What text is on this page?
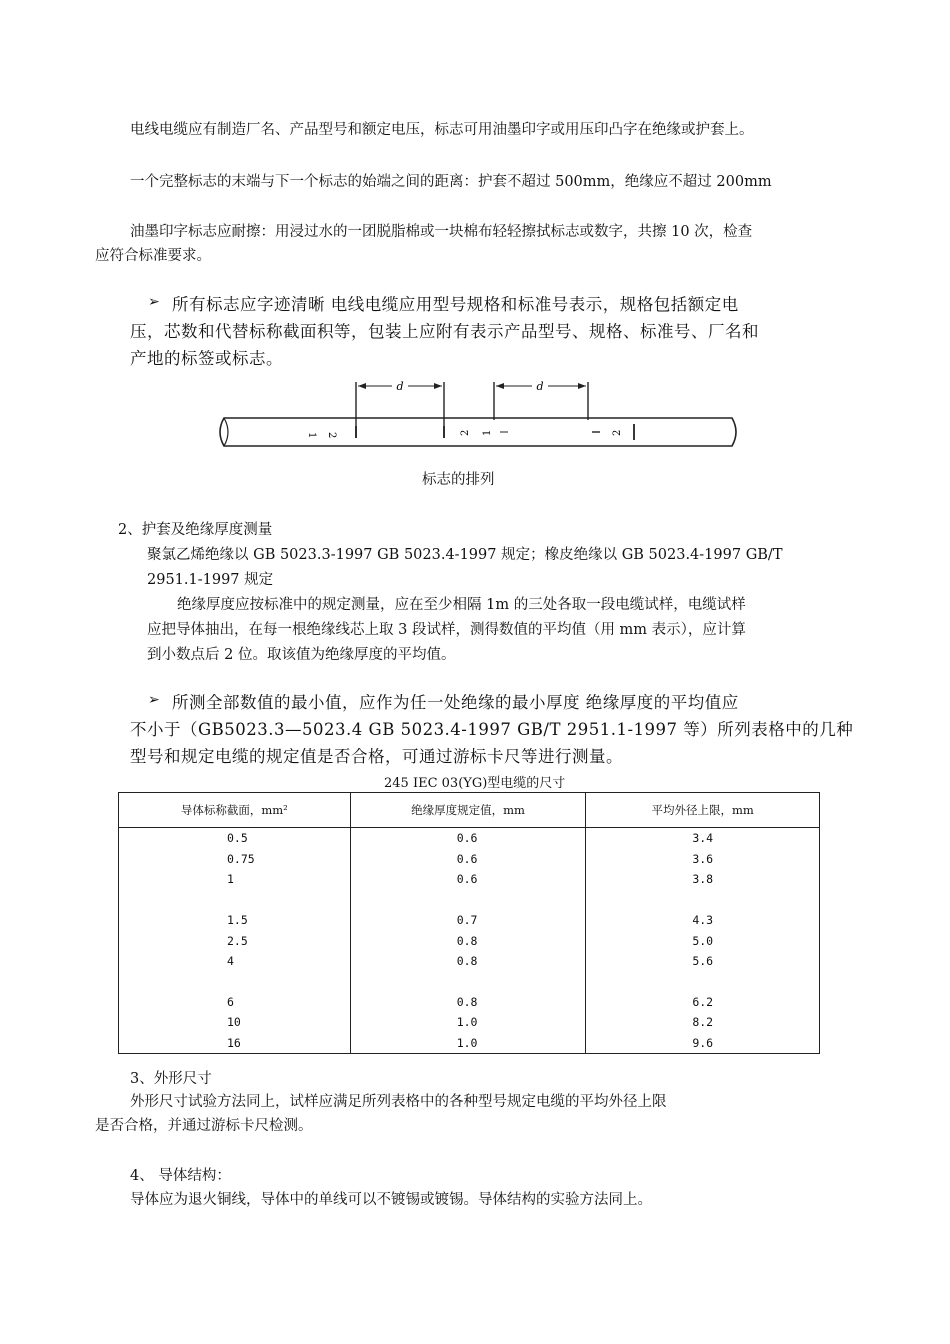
电线电缆应有制造厂名、产品型号和额定电压，标志可用油墨印字或用压印凸字在绝缘或护套上。
一个完整标志的末端与下一个标志的始端之间的距离：护套不超过 500mm，绝缘应不超过 200mm
油墨印字标志应耐擦：用浸过水的一团脱脂棉或一块棉布轻轻擦拭标志或数字，共擦 10 次，检查
应符合标准要求。
➢ 所有标志应字迹清晰 电线电缆应用型号规格和标准号表示，规格包括额定电
压，芯数和代替标称截面积等，包装上应附有表示产品型号、规格、标准号、厂名和
产地的标签或标志。
d	d
1 2	2 1	2
标志的排列
2、护套及绝缘厚度测量
聚氯乙烯绝缘以 GB 5023.3-1997 GB 5023.4-1997 规定；橡皮绝缘以 GB 5023.4-1997 GB/T
2951.1-1997 规定
绝缘厚度应按标准中的规定测量，应在至少相隔 1m 的三处各取一段电缆试样，电缆试样
应把导体抽出，在每一根绝缘线芯上取 3 段试样，测得数值的平均值（用 mm 表示），应计算
到小数点后 2 位。取该值为绝缘厚度的平均值。
➢ 所测全部数值的最小值，应作为任一处绝缘的最小厚度 绝缘厚度的平均值应
不小于（GB5023.3—5023.4 GB 5023.4-1997 GB/T 2951.1-1997 等）所列表格中的几种
型号和规定电缆的规定值是否合格，可通过游标卡尺等进行测量。
245 IEC 03(YG)型电缆的尺寸
导体标称截面，mm²	绝缘厚度规定值，mm	平均外径上限，mm
0.5	0.6	3.4
0.75	0.6	3.6
1	0.6	3.8

1.5	0.7	4.3
2.5	0.8	5.0
4	0.8	5.6

6	0.8	6.2
10	1.0	8.2
16	1.0	9.6
3、外形尺寸
外形尺寸试验方法同上，试样应满足所列表格中的各种型号规定电缆的平均外径上限
是否合格，并通过游标卡尺检测。
4、 导体结构：
导体应为退火铜线，导体中的单线可以不镀锡或镀锡。导体结构的实验方法同上。
